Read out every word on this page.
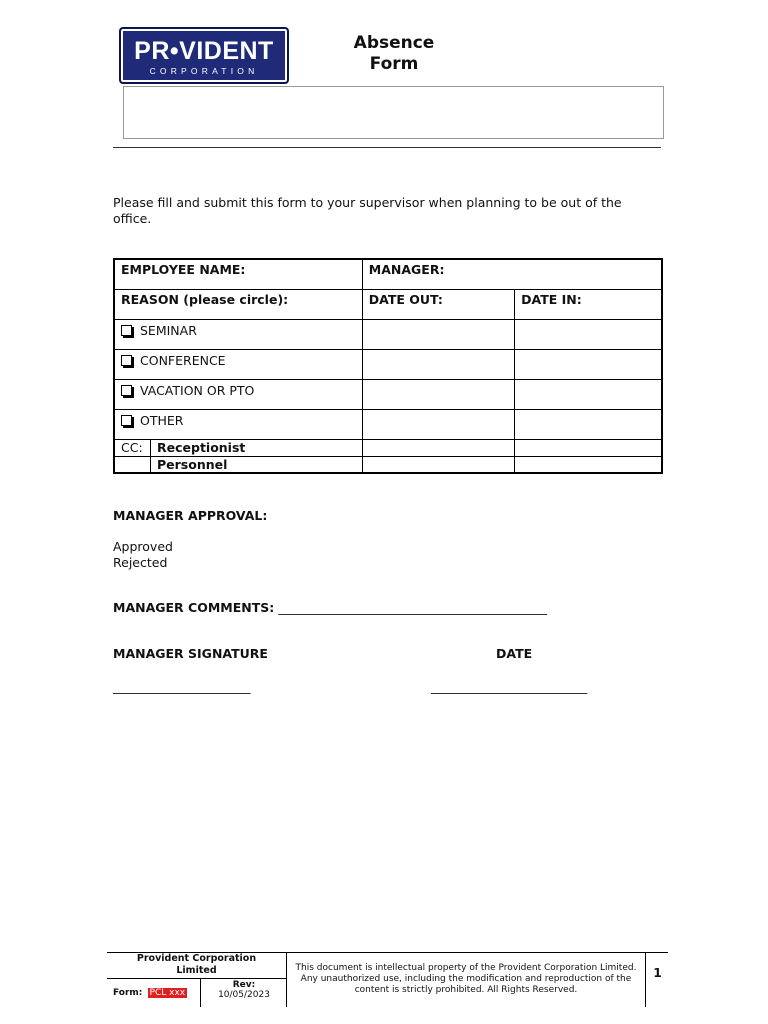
PR•VIDENT
CORPORATION
Absence
Form
Please fill and submit this form to your supervisor when planning to be out of the office.
EMPLOYEE NAME:	MANAGER:	
REASON (please circle):	DATE OUT:	DATE IN:

SEMINAR		

CONFERENCE		

VACATION OR PTO		

OTHER		

CC: Receptionist		

Personnel		

MANAGER APPROVAL:
Approved
Rejected
MANAGER COMMENTS: ___________________________________________
MANAGER SIGNATURE	DATE
______________________	_________________________
Provident Corporation
Limited
Form: PCL xxx
Rev:
10/05/2023
This document is intellectual property of the Provident Corporation Limited. Any unauthorized use, including the modification and reproduction of the content is strictly prohibited. All Rights Reserved.
1
